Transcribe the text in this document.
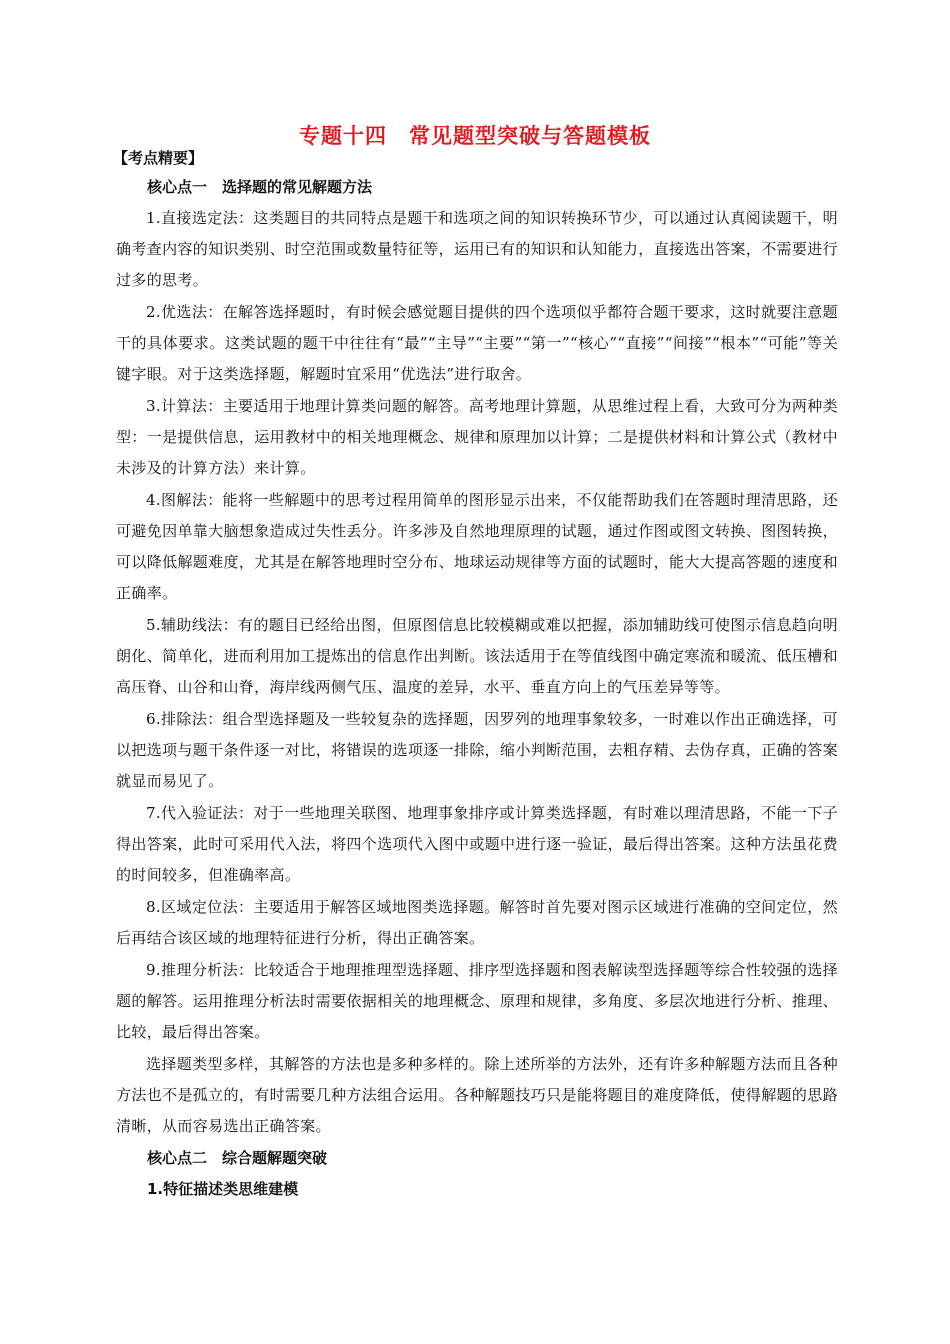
专题十四　常见题型突破与答题模板
【考点精要】

核心点一　选择题的常见解题方法

1.直接选定法：这类题目的共同特点是题干和选项之间的知识转换环节少，可以通过认真阅读题干，明确考查内容的知识类别、时空范围或数量特征等，运用已有的知识和认知能力，直接选出答案，不需要进行过多的思考。

2.优选法：在解答选择题时，有时候会感觉题目提供的四个选项似乎都符合题干要求，这时就要注意题干的具体要求。这类试题的题干中往往有“最”“主导”“主要”“第一”“核心”“直接”“间接”“根本”“可能”等关键字眼。对于这类选择题，解题时宜采用“优选法”进行取舍。

3.计算法：主要适用于地理计算类问题的解答。高考地理计算题，从思维过程上看，大致可分为两种类型：一是提供信息，运用教材中的相关地理概念、规律和原理加以计算；二是提供材料和计算公式（教材中未涉及的计算方法）来计算。

4.图解法：能将一些解题中的思考过程用简单的图形显示出来，不仅能帮助我们在答题时理清思路，还可避免因单靠大脑想象造成过失性丢分。许多涉及自然地理原理的试题，通过作图或图文转换、图图转换，可以降低解题难度，尤其是在解答地理时空分布、地球运动规律等方面的试题时，能大大提高答题的速度和正确率。

5.辅助线法：有的题目已经给出图，但原图信息比较模糊或难以把握，添加辅助线可使图示信息趋向明朗化、简单化，进而利用加工提炼出的信息作出判断。该法适用于在等值线图中确定寒流和暖流、低压槽和高压脊、山谷和山脊，海岸线两侧气压、温度的差异，水平、垂直方向上的气压差异等等。

6.排除法：组合型选择题及一些较复杂的选择题，因罗列的地理事象较多，一时难以作出正确选择，可以把选项与题干条件逐一对比，将错误的选项逐一排除，缩小判断范围，去粗存精、去伪存真，正确的答案就显而易见了。

7.代入验证法：对于一些地理关联图、地理事象排序或计算类选择题，有时难以理清思路，不能一下子得出答案，此时可采用代入法，将四个选项代入图中或题中进行逐一验证，最后得出答案。这种方法虽花费的时间较多，但准确率高。

8.区域定位法：主要适用于解答区域地图类选择题。解答时首先要对图示区域进行准确的空间定位，然后再结合该区域的地理特征进行分析，得出正确答案。

9.推理分析法：比较适合于地理推理型选择题、排序型选择题和图表解读型选择题等综合性较强的选择题的解答。运用推理分析法时需要依据相关的地理概念、原理和规律，多角度、多层次地进行分析、推理、比较，最后得出答案。

选择题类型多样，其解答的方法也是多种多样的。除上述所举的方法外，还有许多种解题方法而且各种方法也不是孤立的，有时需要几种方法组合运用。各种解题技巧只是能将题目的难度降低，使得解题的思路清晰，从而容易选出正确答案。

核心点二　综合题解题突破

1.特征描述类思维建模
